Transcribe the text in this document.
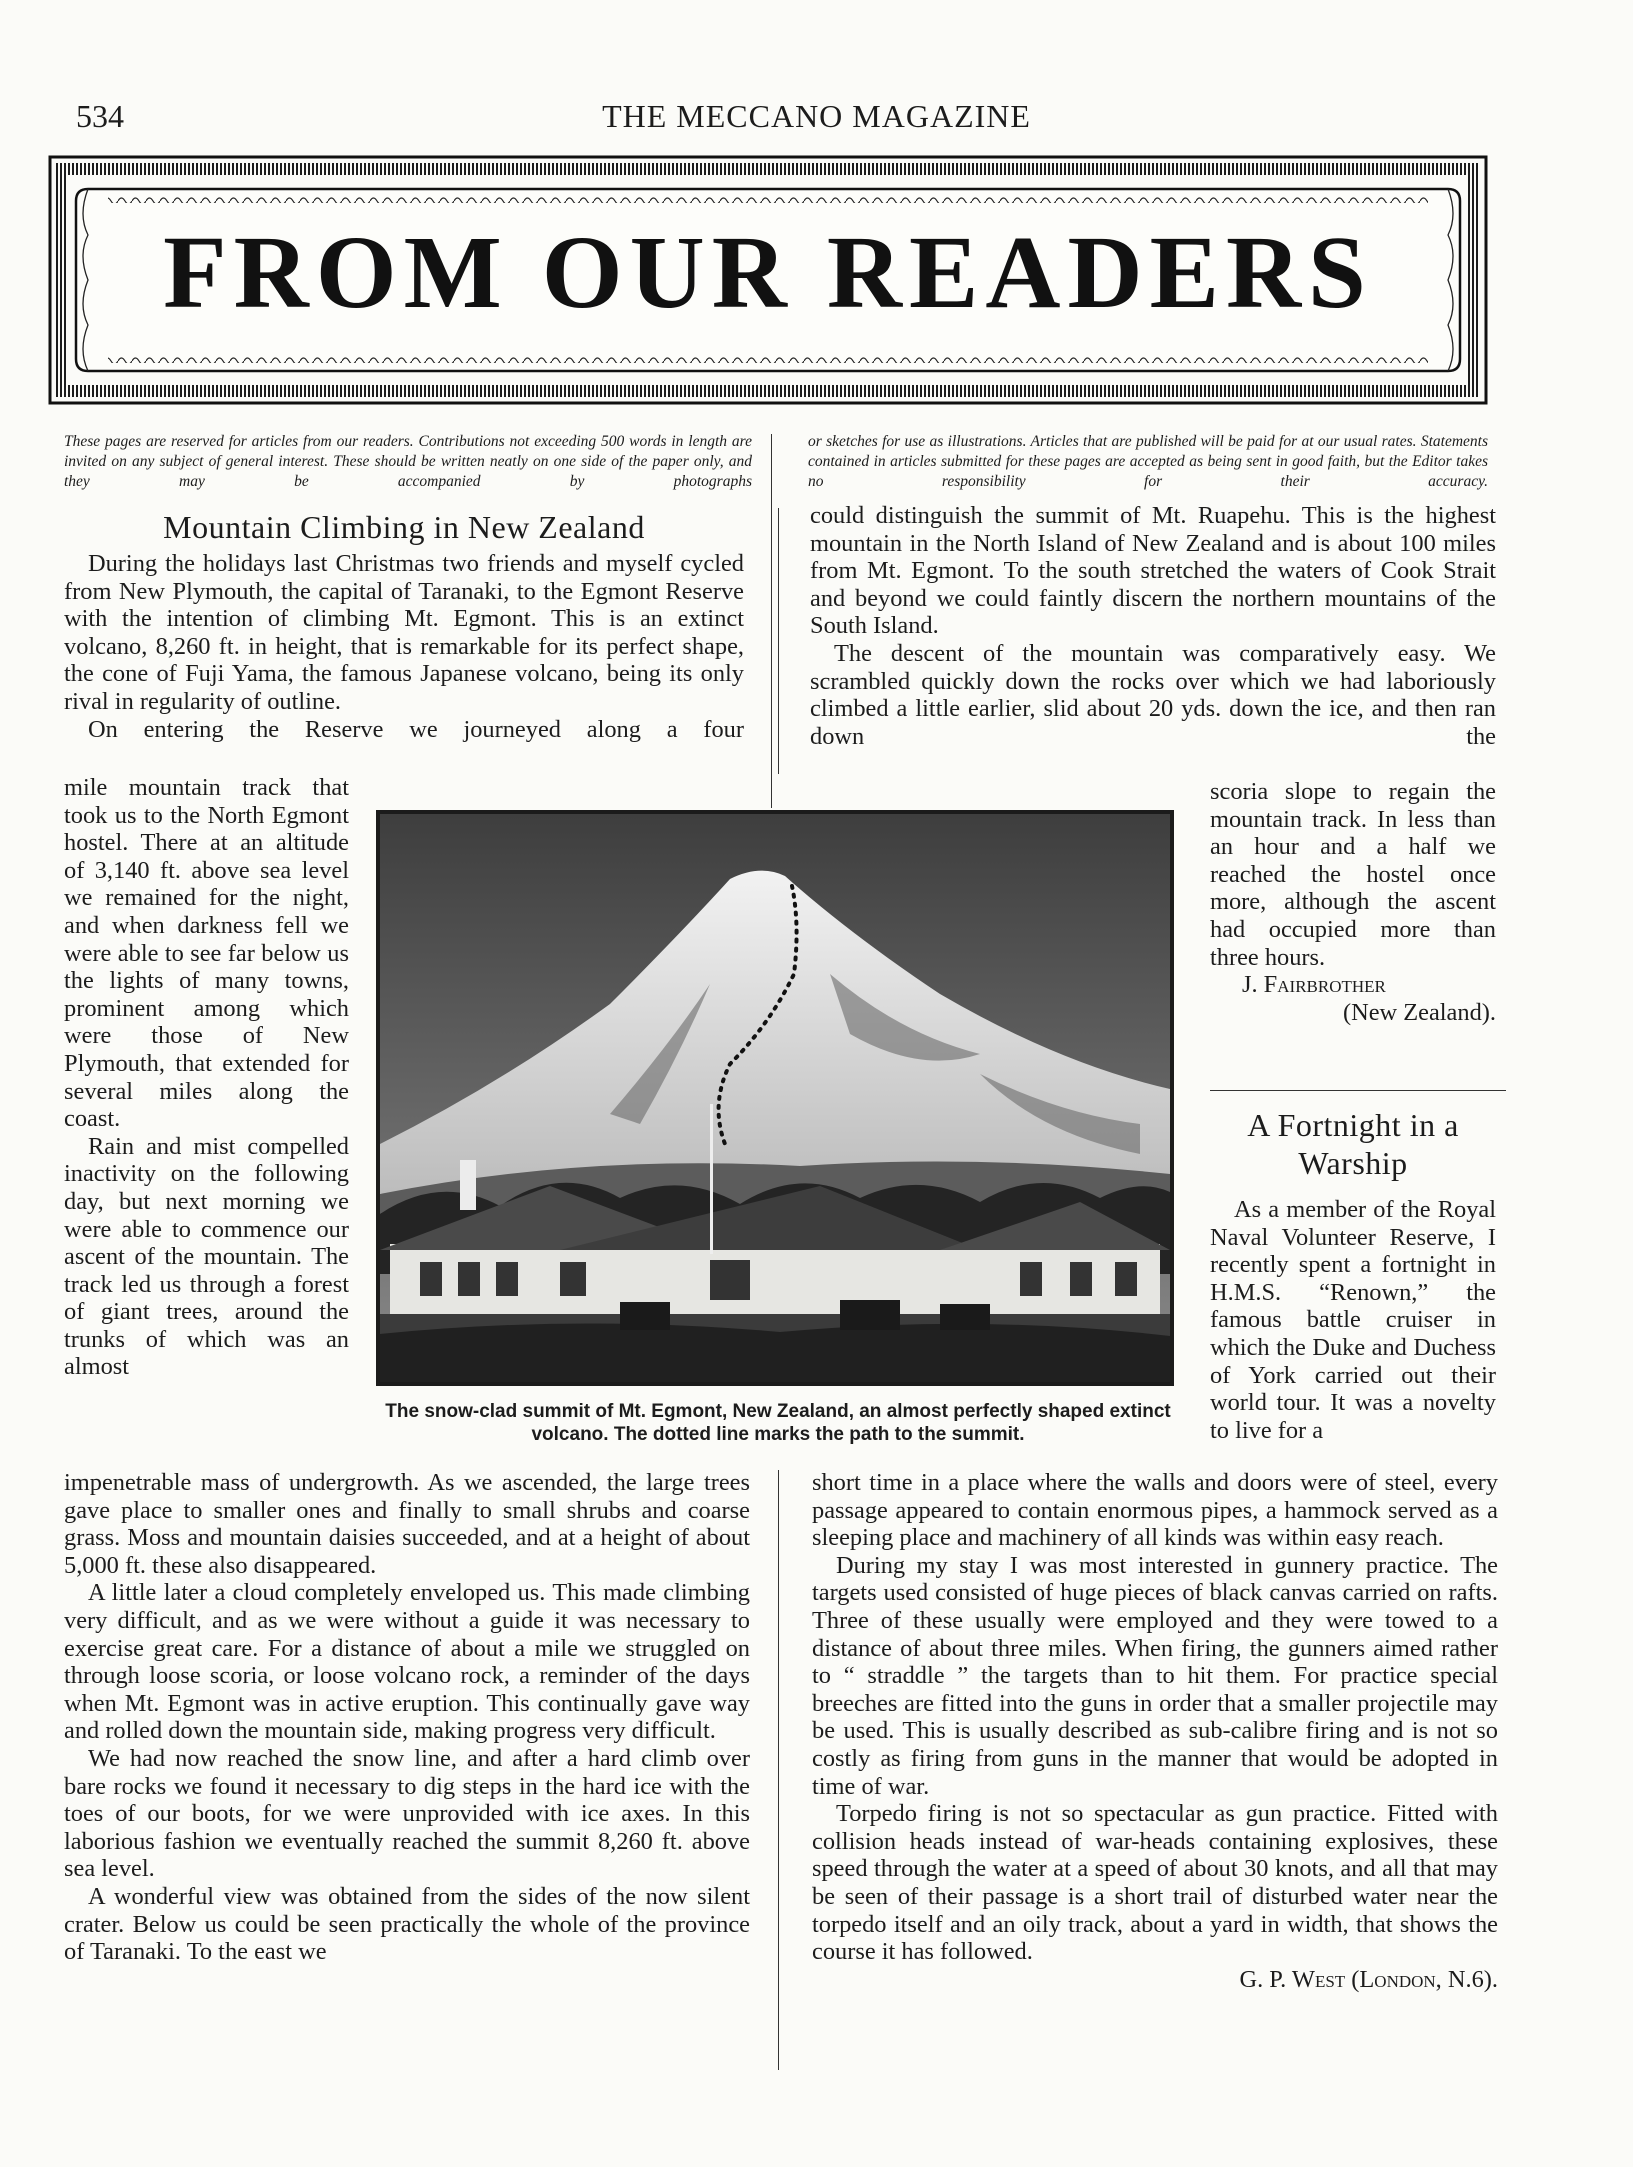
534	THE MECCANO MAGAZINE
FROM OUR READERS
These pages are reserved for articles from our readers. Contributions not exceeding 500 words in length are invited on any subject of general interest. These should be written neatly on one side of the paper only, and they may be accompanied by photographs
or sketches for use as illustrations. Articles that are published will be paid for at our usual rates. Statements contained in articles submitted for these pages are accepted as being sent in good faith, but the Editor takes no responsibility for their accuracy.
Mountain Climbing in New Zealand

During the holidays last Christmas two friends and myself cycled from New Plymouth, the capital of Taranaki, to the Egmont Reserve with the intention of climbing Mt. Egmont. This is an extinct volcano, 8,260 ft. in height, that is remarkable for its perfect shape, the cone of Fuji Yama, the famous Japanese volcano, being its only rival in regularity of outline.

On entering the Reserve we journeyed along a four

mile mountain track that took us to the North Egmont hostel. There at an altitude of 3,140 ft. above sea level we remained for the night, and when darkness fell we were able to see far below us the lights of many towns, prominent among which were those of New Plymouth, that extended for several miles along the coast.

Rain and mist compelled inactivity on the following day, but next morning we were able to commence our ascent of the mountain. The track led us through a forest of giant trees, around the trunks of which was an almost

impenetrable mass of undergrowth. As we ascended, the large trees gave place to smaller ones and finally to small shrubs and coarse grass. Moss and mountain daisies succeeded, and at a height of about 5,000 ft. these also disappeared.

A little later a cloud completely enveloped us. This made climbing very difficult, and as we were without a guide it was necessary to exercise great care. For a distance of about a mile we struggled on through loose scoria, or loose volcano rock, a reminder of the days when Mt. Egmont was in active eruption. This continually gave way and rolled down the mountain side, making progress very difficult.

We had now reached the snow line, and after a hard climb over bare rocks we found it necessary to dig steps in the hard ice with the toes of our boots, for we were unprovided with ice axes. In this laborious fashion we eventually reached the summit 8,260 ft. above sea level.

A wonderful view was obtained from the sides of the now silent crater. Below us could be seen practically the whole of the province of Taranaki. To the east we

could distinguish the summit of Mt. Ruapehu. This is the highest mountain in the North Island of New Zealand and is about 100 miles from Mt. Egmont. To the south stretched the waters of Cook Strait and beyond we could faintly discern the northern mountains of the South Island.

The descent of the mountain was comparatively easy. We scrambled quickly down the rocks over which we had laboriously climbed a little earlier, slid about 20 yds. down the ice, and then ran down the

scoria slope to regain the mountain track. In less than an hour and a half we reached the hostel once more, although the ascent had occupied more than three hours.

J. Fairbrother
(New Zealand).
A Fortnight in a Warship

As a member of the Royal Naval Volunteer Reserve, I recently spent a fortnight in H.M.S. “Renown,” the famous battle cruiser in which the Duke and Duchess of York carried out their world tour. It was a novelty to live for a

short time in a place where the walls and doors were of steel, every passage appeared to contain enormous pipes, a hammock served as a sleeping place and machinery of all kinds was within easy reach.

During my stay I was most interested in gunnery practice. The targets used consisted of huge pieces of black canvas carried on rafts. Three of these usually were employed and they were towed to a distance of about three miles. When firing, the gunners aimed rather to “ straddle ” the targets than to hit them. For practice special breeches are fitted into the guns in order that a smaller projectile may be used. This is usually described as sub-calibre firing and is not so costly as firing from guns in the manner that would be adopted in time of war.

Torpedo firing is not so spectacular as gun practice. Fitted with collision heads instead of war-heads containing explosives, these speed through the water at a speed of about 30 knots, and all that may be seen of their passage is a short trail of disturbed water near the torpedo itself and an oily track, about a yard in width, that shows the course it has followed.

G. P. West (London, N.6).
The snow-clad summit of Mt. Egmont, New Zealand, an almost perfectly shaped extinct volcano. The dotted line marks the path to the summit.
